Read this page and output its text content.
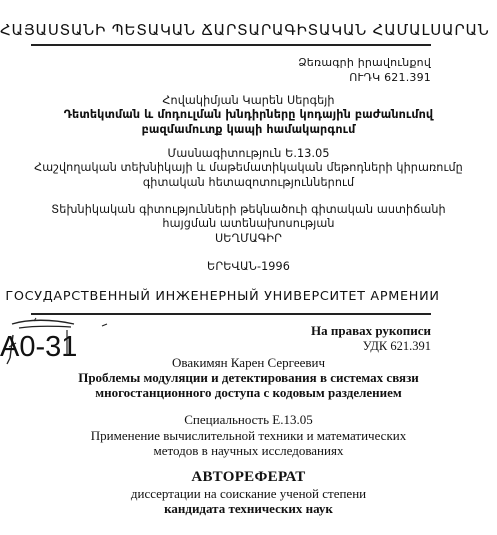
ՀԱՅԱՍՏԱՆԻ ՊԵՏԱԿԱՆ ՃԱՐՏԱՐԱԳԻՏԱԿԱՆ ՀԱՄԱԼՍԱՐԱՆ
Ձեռագրի իրավունքով
ՈՒԴԿ 621.391
Հովակիմյան Կարեն Սերգեյի
Դետեկտման և մոդուլման խնդիրները կոդային բաժանումով
բազմամուտք կապի համակարգում
Մասնագիտություն Ե.13.05
Հաշվողական տեխնիկայի և մաթեմատիկական մեթոդների կիրառումը
գիտական հետազոտություններում
Տեխնիկական գիտությունների թեկնածուի գիտական աստիճանի
հայցման ատենախոսության
ՍԵՂՄԱԳԻՐ
ԵՐԵՎԱՆ-1996
ГОСУДАРСТВЕННЫЙ ИНЖЕНЕРНЫЙ УНИВЕРСИТЕТ АРМЕНИИ
A0-31
На правах рукописи
УДК 621.391
Овакимян Карен Сергеевич
Проблемы модуляции и детектирования в системах связи
многостанционного доступа с кодовым разделением
Специальность Е.13.05
Применение вычислительной техники и математических
методов в научных исследованиях
АВТОРЕФЕРАТ
диссертации на соискание ученой степени
кандидата технических наук
